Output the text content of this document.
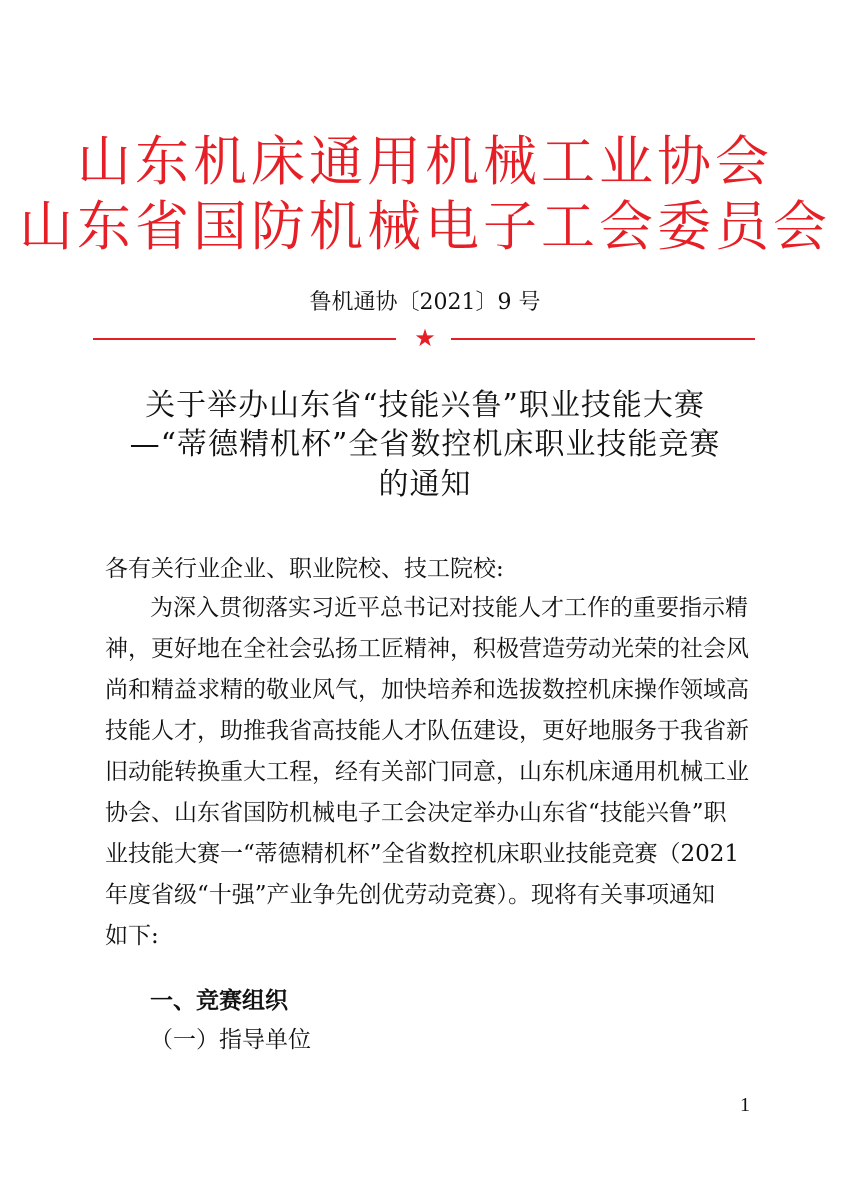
山东机床通用机械工业协会
山东省国防机械电子工会委员会
鲁机通协〔2021〕9 号
★
关于举办山东省“技能兴鲁”职业技能大赛
—“蒂德精机杯”全省数控机床职业技能竞赛
的通知
各有关行业企业、职业院校、技工院校:
为深入贯彻落实习近平总书记对技能人才工作的重要指示精
神，更好地在全社会弘扬工匠精神，积极营造劳动光荣的社会风
尚和精益求精的敬业风气，加快培养和选拔数控机床操作领域高
技能人才，助推我省高技能人才队伍建设，更好地服务于我省新
旧动能转换重大工程，经有关部门同意，山东机床通用机械工业
协会、山东省国防机械电子工会决定举办山东省“技能兴鲁”职
业技能大赛一“蒂德精机杯”全省数控机床职业技能竞赛（2021
年度省级“十强”产业争先创优劳动竞赛）。现将有关事项通知
如下:
一、竞赛组织
（一）指导单位
1
